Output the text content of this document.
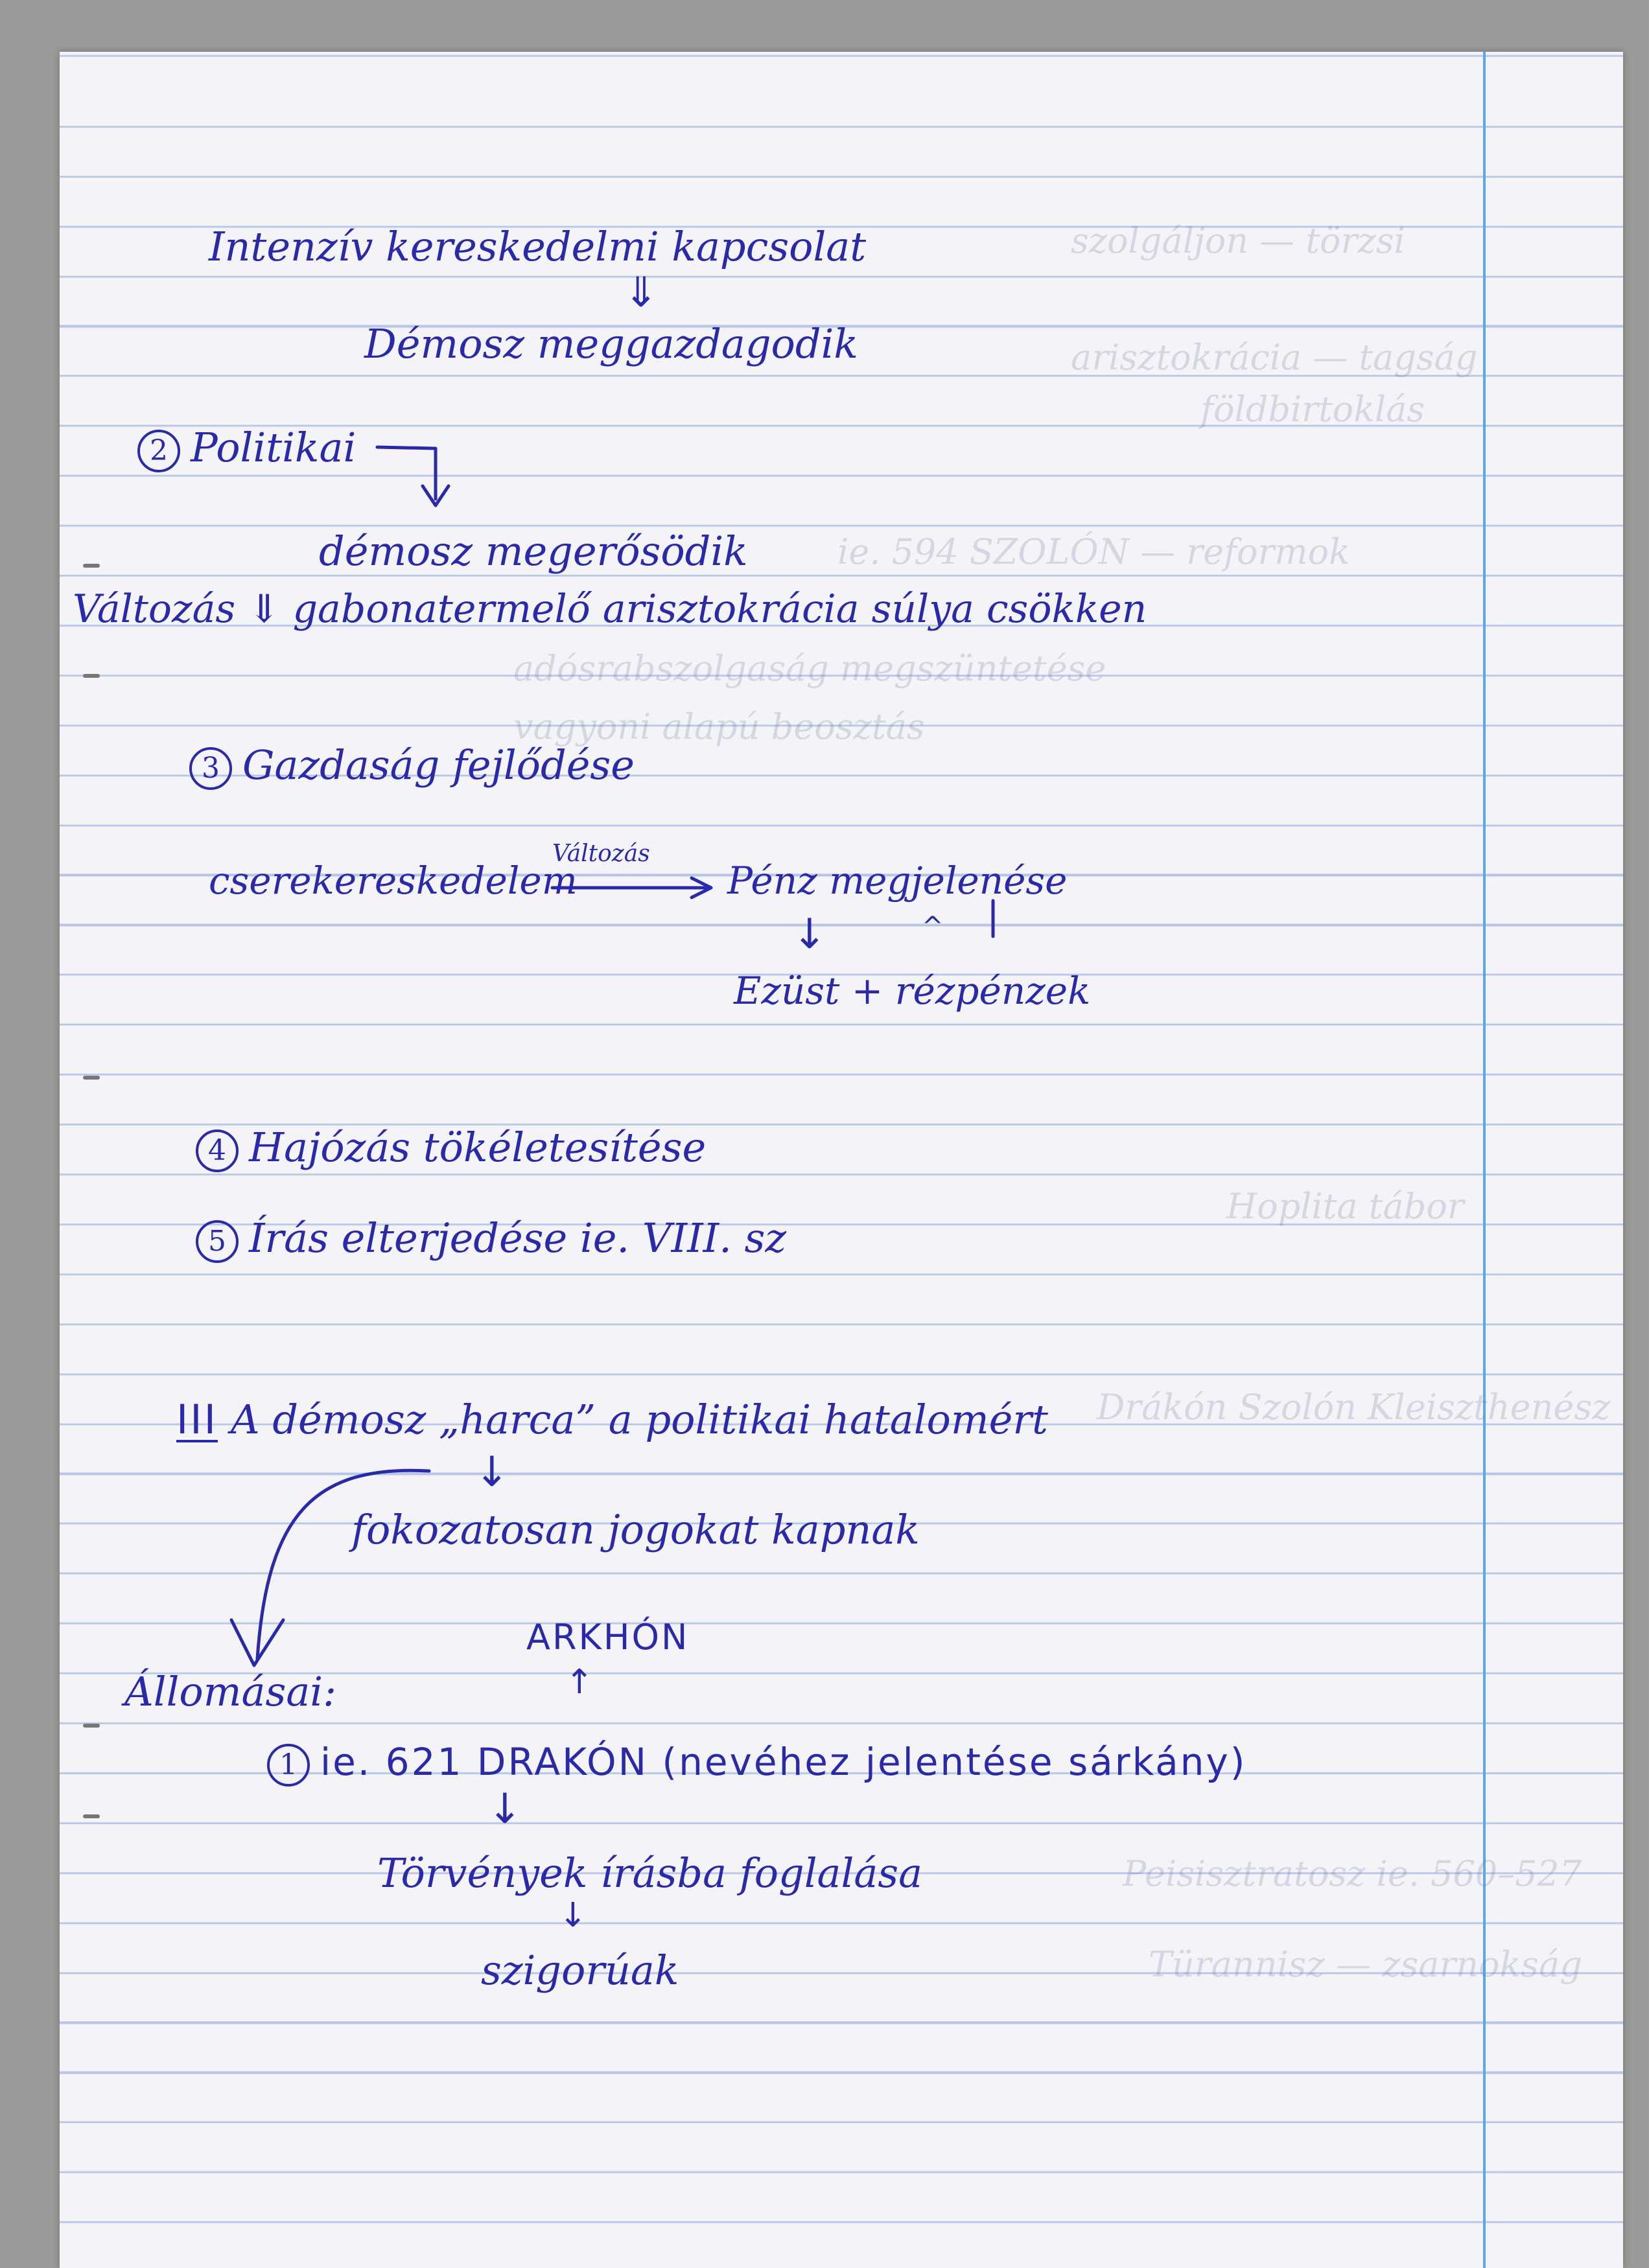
szolgáljon — törzsi
arisztokrácia — tagság
földbirtoklás
ie. 594 SZOLÓN — reformok
adósrabszolgaság megszüntetése
vagyoni alapú beosztás
Hoplita tábor
Drákón Szolón Kleiszthenész
Peisisztratosz ie. 560–527
Türannisz — zsarnokság
Intenzív kereskedelmi kapcsolat
⇓
Démosz meggazdagodik
2 Politikai
démosz megerősödik
Változás ⇓ gabonatermelő arisztokrácia súlya csökken
3 Gazdaság fejlődése
cserekereskedelem
Változás
Pénz megjelenése
↓	^
Ezüst + rézpénzek
4 Hajózás tökéletesítése
5 Írás elterjedése ie. VIII. sz
III A démosz „harca” a politikai hatalomért
↓
fokozatosan jogokat kapnak
ARKHÓN
↑
Állomásai:
1 ie. 621 DRAKÓN (nevéhez jelentése sárkány)
↓
Törvények írásba foglalása
↓
szigorúak
